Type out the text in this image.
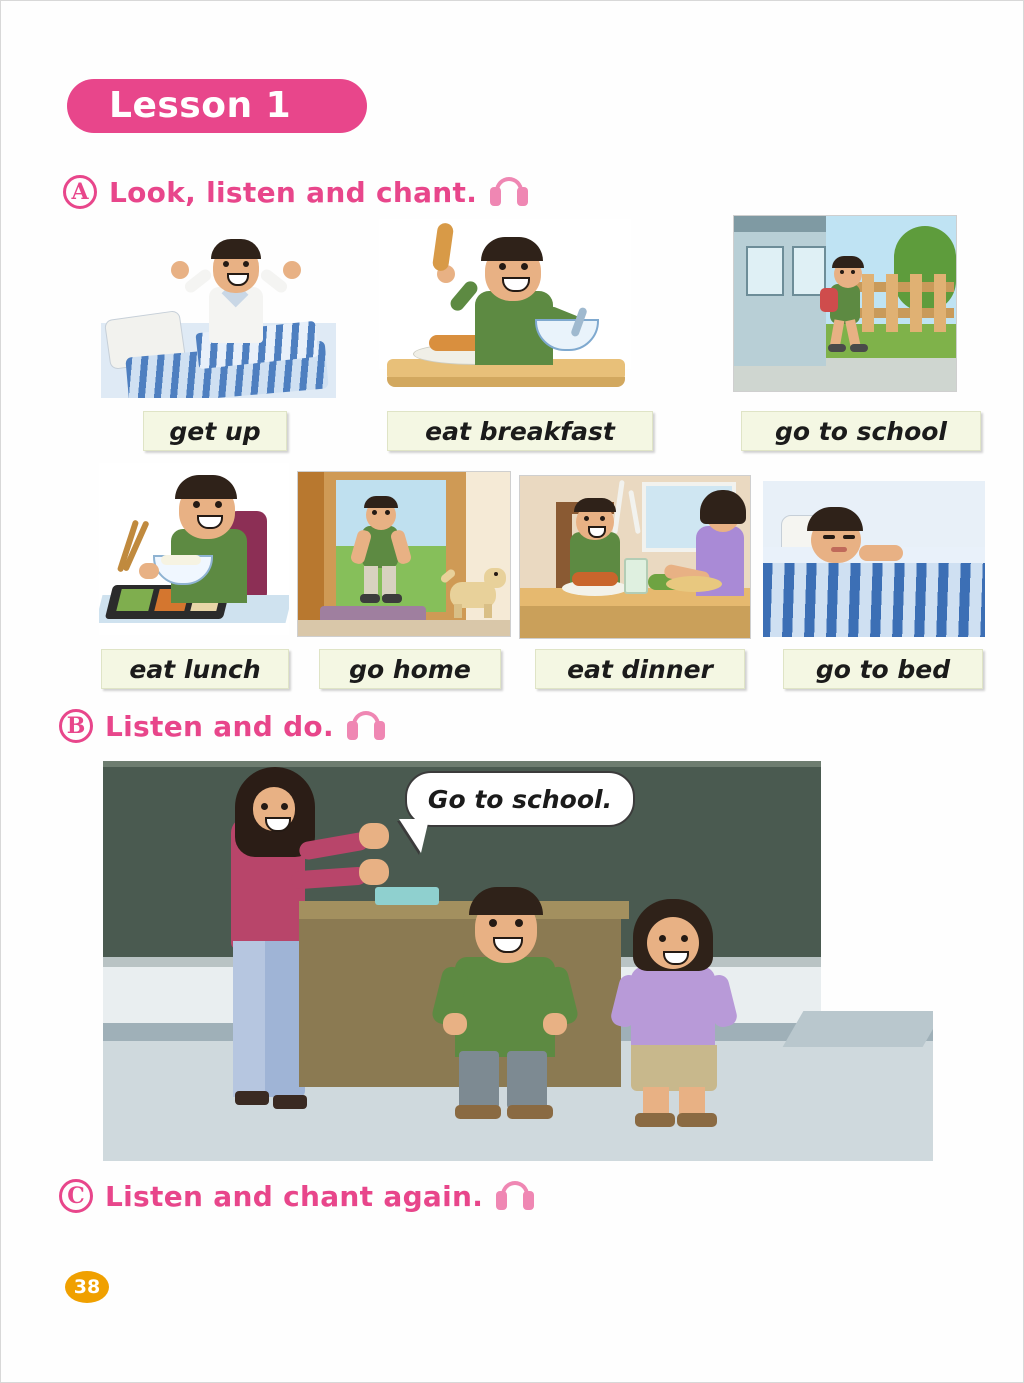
Lesson 1
A Look, listen and chant.
get up	eat breakfast	go to school
eat lunch	go home	eat dinner	go to bed
B Listen and do.
Go to school.
C Listen and chant again.
38
